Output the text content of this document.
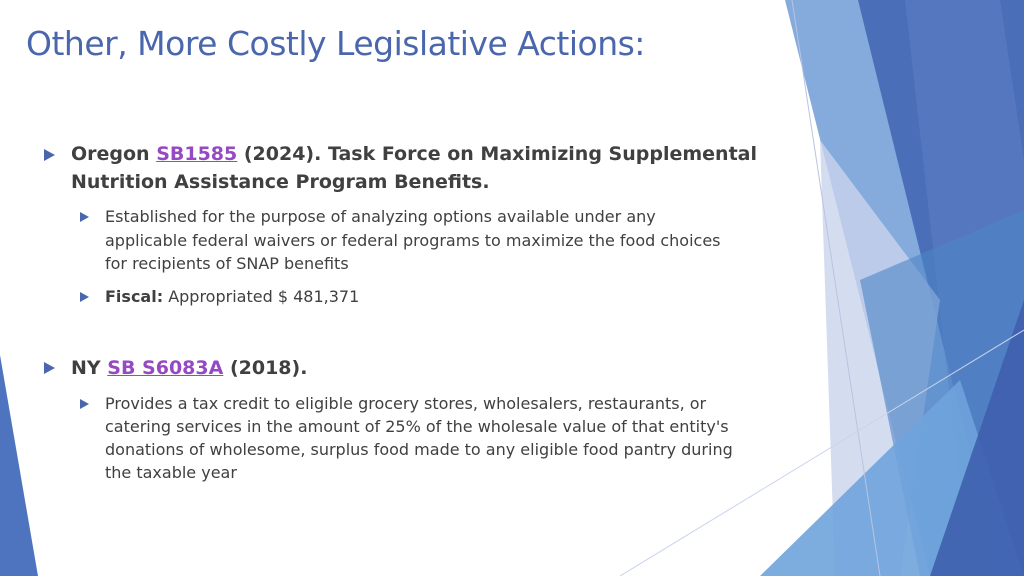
Other, More Costly Legislative Actions:

Oregon SB1585 (2024). Task Force on Maximizing Supplemental

Nutrition Assistance Program Benefits.

Established for the purpose of analyzing options available under any

applicable federal waivers or federal programs to maximize the food choices

for recipients of SNAP benefits

Fiscal: Appropriated $ 481,371

NY SB S6083A (2018).

Provides a tax credit to eligible grocery stores, wholesalers, restaurants, or

catering services in the amount of 25% of the wholesale value of that entity's

donations of wholesome, surplus food made to any eligible food pantry during

the taxable year
